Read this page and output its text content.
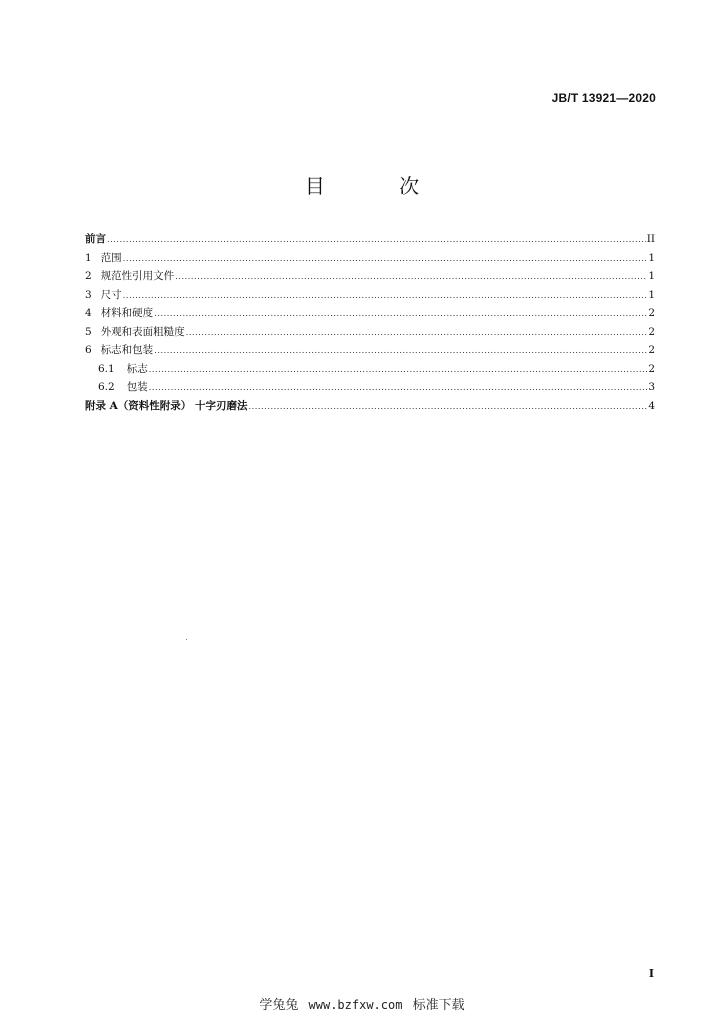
JB/T 13921—2020
目 次
前言 .....	II
1 范围 .....	1
2 规范性引用文件 .....	1
3 尺寸 .....	1
4 材料和硬度 .....	2
5 外观和表面粗糙度 .....	2
6 标志和包装 .....	2
6.1 标志 .....	2
6.2 包装 .....	3
附录 A（资料性附录） 十字刃磨法 .....	4
I
学兔兔 www.bzfxw.com 标准下载
